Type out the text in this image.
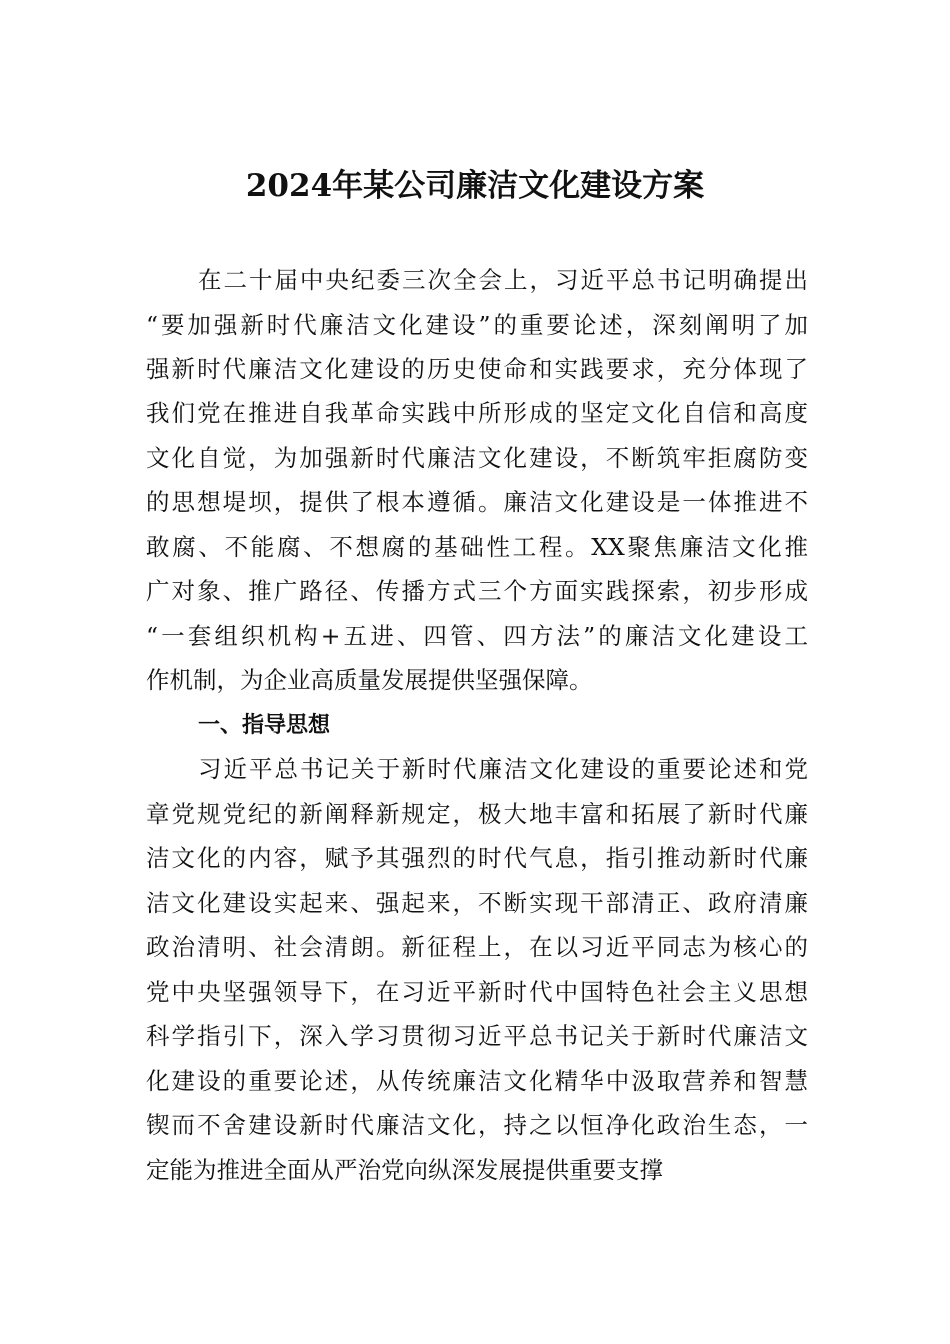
2024年某公司廉洁文化建设方案
在二十届中央纪委三次全会上，习近平总书记明确提出
“要加强新时代廉洁文化建设”的重要论述，深刻阐明了加
强新时代廉洁文化建设的历史使命和实践要求，充分体现了
我们党在推进自我革命实践中所形成的坚定文化自信和高度
文化自觉，为加强新时代廉洁文化建设，不断筑牢拒腐防变
的思想堤坝，提供了根本遵循。廉洁文化建设是一体推进不
敢腐、不能腐、不想腐的基础性工程。XX聚焦廉洁文化推
广对象、推广路径、传播方式三个方面实践探索，初步形成
“一套组织机构+五进、四管、四方法”的廉洁文化建设工
作机制，为企业高质量发展提供坚强保障。
一、指导思想
习近平总书记关于新时代廉洁文化建设的重要论述和党
章党规党纪的新阐释新规定，极大地丰富和拓展了新时代廉
洁文化的内容，赋予其强烈的时代气息，指引推动新时代廉
洁文化建设实起来、强起来，不断实现干部清正、政府清廉
政治清明、社会清朗。新征程上，在以习近平同志为核心的
党中央坚强领导下，在习近平新时代中国特色社会主义思想
科学指引下，深入学习贯彻习近平总书记关于新时代廉洁文
化建设的重要论述，从传统廉洁文化精华中汲取营养和智慧
锲而不舍建设新时代廉洁文化，持之以恒净化政治生态，一
定能为推进全面从严治党向纵深发展提供重要支撑
